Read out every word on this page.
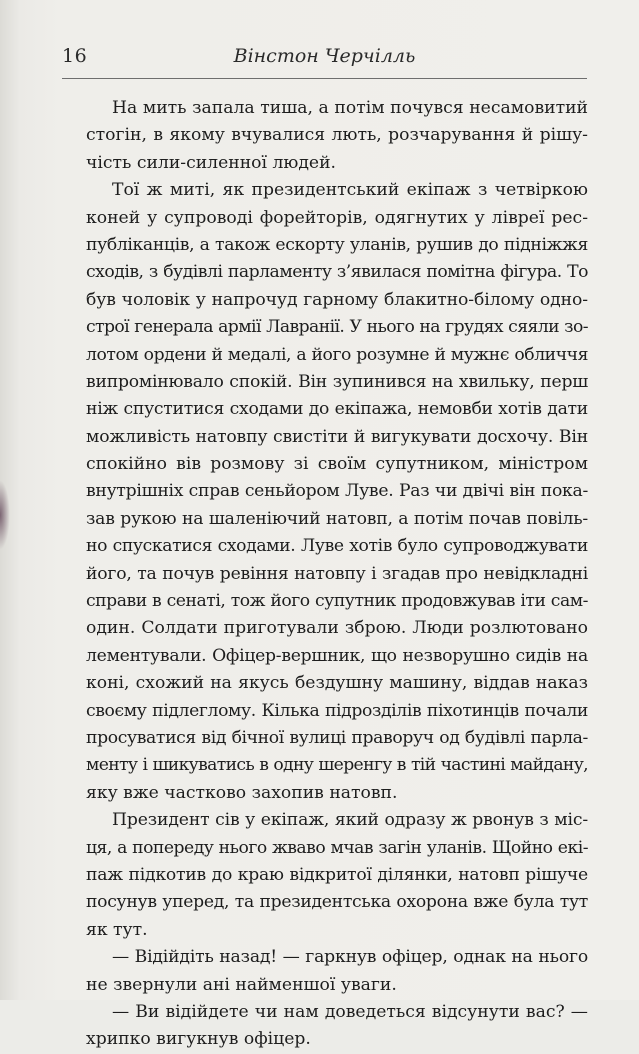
16	Вінстон Черчілль
На мить запала тиша, а потім почувся несамовитий
стогін, в якому вчувалися лють, розчарування й рішу-
чість сили-силенної людей.
Тої ж миті, як президентський екіпаж з четвіркою
коней у супроводі форейторів, одягнутих у лівреї рес-
публіканців, а також ескорту уланів, рушив до підніжжя
сходів, з будівлі парламенту з’явилася помітна фігура. То
був чоловік у напрочуд гарному блакитно-білому одно-
строї генерала армії Лавранії. У нього на грудях сяяли зо-
лотом ордени й медалі, а його розумне й мужнє обличчя
випромінювало спокій. Він зупинився на хвильку, перш
ніж спуститися сходами до екіпажа, немовби хотів дати
можливість натовпу свистіти й вигукувати досхочу. Він
спокійно вів розмову зі своїм супутником, міністром
внутрішніх справ сеньйором Луве. Раз чи двічі він пока-
зав рукою на шаленіючий натовп, а потім почав повіль-
но спускатися сходами. Луве хотів було супроводжувати
його, та почув ревіння натовпу і згадав про невідкладні
справи в сенаті, тож його супутник продовжував іти сам-
один. Солдати приготували зброю. Люди розлютовано
лементували. Офіцер-вершник, що незворушно сидів на
коні, схожий на якусь бездушну машину, віддав наказ
своєму підлеглому. Кілька підрозділів піхотинців почали
просуватися від бічної вулиці праворуч од будівлі парла-
менту і шикуватись в одну шеренгу в тій частині майдану,
яку вже частково захопив натовп.
Президент сів у екіпаж, який одразу ж рвонув з міс-
ця, а попереду нього жваво мчав загін уланів. Щойно екі-
паж підкотив до краю відкритої ділянки, натовп рішуче
посунув уперед, та президентська охорона вже була тут
як тут.
— Відійдіть назад! — гаркнув офіцер, однак на нього
не звернули ані найменшої уваги.
— Ви відійдете чи нам доведеться відсунути вас? —
хрипко вигукнув офіцер.
